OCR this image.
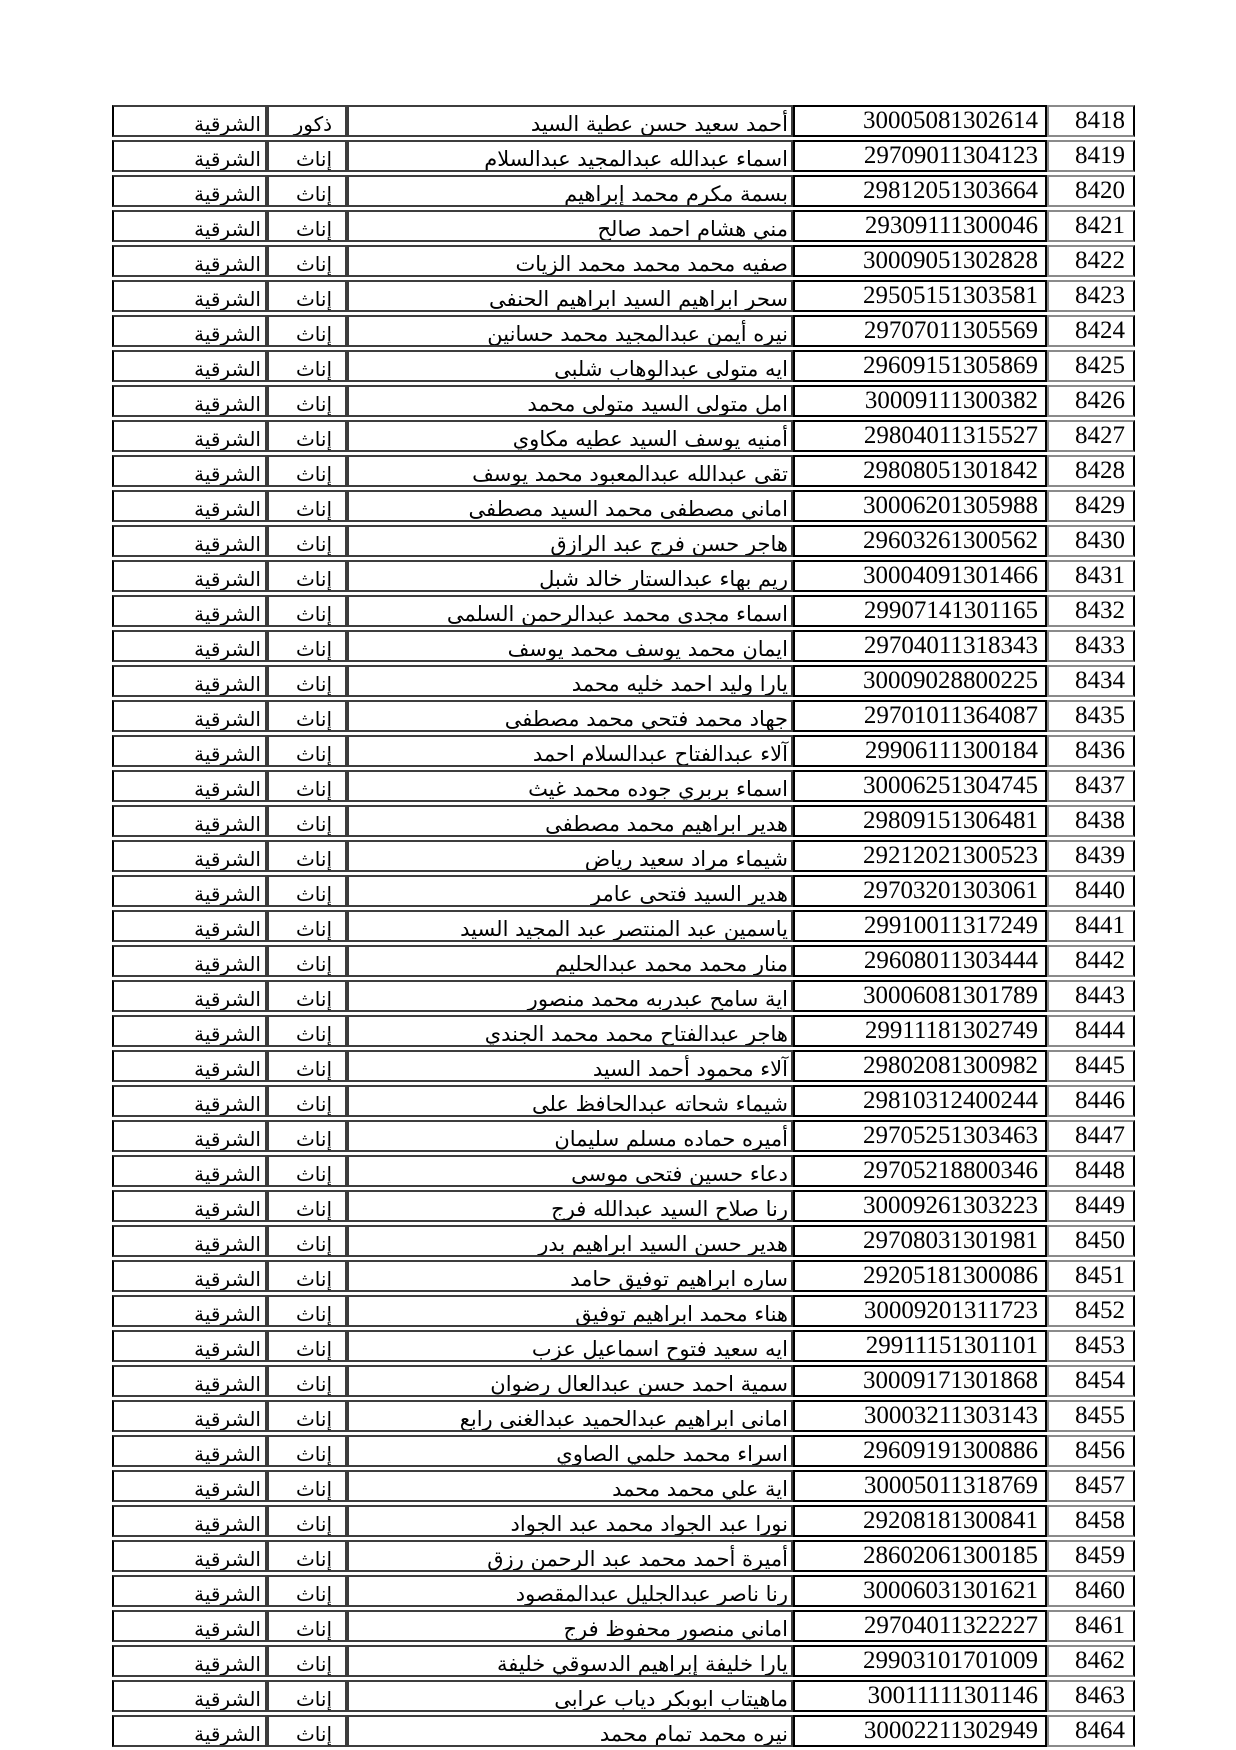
8418	30005081302614	أحمد سعيد حسن عطية السيد	ذكور	الشرقية
8419	29709011304123	اسماء عبدالله عبدالمجيد عبدالسلام	إناث	الشرقية
8420	29812051303664	بسمة مكرم محمد إبراهيم	إناث	الشرقية
8421	29309111300046	مني هشام احمد صالح	إناث	الشرقية
8422	30009051302828	صفيه محمد محمد محمد الزيات	إناث	الشرقية
8423	29505151303581	سحر ابراهيم السيد ابراهيم الحنفى	إناث	الشرقية
8424	29707011305569	نيره أيمن عبدالمجيد محمد حسانين	إناث	الشرقية
8425	29609151305869	ايه متولى عبدالوهاب شلبى	إناث	الشرقية
8426	30009111300382	امل متولى السيد متولى محمد	إناث	الشرقية
8427	29804011315527	أمنيه يوسف السيد عطيه مكاوي	إناث	الشرقية
8428	29808051301842	تقى عبدالله عبدالمعبود محمد يوسف	إناث	الشرقية
8429	30006201305988	اماني مصطفى محمد السيد مصطفى	إناث	الشرقية
8430	29603261300562	هاجر حسن فرج عبد الرازق	إناث	الشرقية
8431	30004091301466	ريم بهاء عبدالستار خالد شبل	إناث	الشرقية
8432	29907141301165	اسماء مجدى محمد عبدالرحمن السلمى	إناث	الشرقية
8433	29704011318343	ايمان محمد يوسف محمد يوسف	إناث	الشرقية
8434	30009028800225	يارا وليد احمد خليه محمد	إناث	الشرقية
8435	29701011364087	جهاد محمد فتحي محمد مصطفى	إناث	الشرقية
8436	29906111300184	آلاء عبدالفتاح عبدالسلام احمد	إناث	الشرقية
8437	30006251304745	اسماء بربري جوده محمد غيث	إناث	الشرقية
8438	29809151306481	هدير ابراهيم محمد مصطفى	إناث	الشرقية
8439	29212021300523	شيماء مراد سعيد رياض	إناث	الشرقية
8440	29703201303061	هدير السيد فتحى عامر	إناث	الشرقية
8441	29910011317249	ياسمين عبد المنتصر عبد المجيد السيد	إناث	الشرقية
8442	29608011303444	منار محمد محمد عبدالحليم	إناث	الشرقية
8443	30006081301789	اية سامح عبدربه محمد منصور	إناث	الشرقية
8444	29911181302749	هاجر عبدالفتاح محمد محمد الجندي	إناث	الشرقية
8445	29802081300982	آلاء محمود أحمد السيد	إناث	الشرقية
8446	29810312400244	شيماء شحاته عبدالحافظ على	إناث	الشرقية
8447	29705251303463	أميره حماده مسلم سليمان	إناث	الشرقية
8448	29705218800346	دعاء حسين فتحى موسى	إناث	الشرقية
8449	30009261303223	رنا صلاح السيد عبدالله فرج	إناث	الشرقية
8450	29708031301981	هدير حسن السيد ابراهيم بدر	إناث	الشرقية
8451	29205181300086	ساره ابراهيم توفيق حامد	إناث	الشرقية
8452	30009201311723	هناء محمد ابراهيم توفيق	إناث	الشرقية
8453	29911151301101	ايه سعيد فتوح اسماعيل عزب	إناث	الشرقية
8454	30009171301868	سمية احمد حسن عبدالعال رضوان	إناث	الشرقية
8455	30003211303143	امانى ابراهيم عبدالحميد عبدالغنى رابع	إناث	الشرقية
8456	29609191300886	اسراء محمد حلمي الصاوي	إناث	الشرقية
8457	30005011318769	اية علي محمد محمد	إناث	الشرقية
8458	29208181300841	نورا عبد الجواد محمد عبد الجواد	إناث	الشرقية
8459	28602061300185	أميرة أحمد محمد عبد الرحمن رزق	إناث	الشرقية
8460	30006031301621	رنا ناصر عبدالجليل عبدالمقصود	إناث	الشرقية
8461	29704011322227	اماني منصور محفوظ فرج	إناث	الشرقية
8462	29903101701009	يارا خليفة إبراهيم الدسوقي خليفة	إناث	الشرقية
8463	30011111301146	ماهيتاب ابوبكر دياب عرابى	إناث	الشرقية
8464	30002211302949	نيره محمد تمام محمد	إناث	الشرقية
